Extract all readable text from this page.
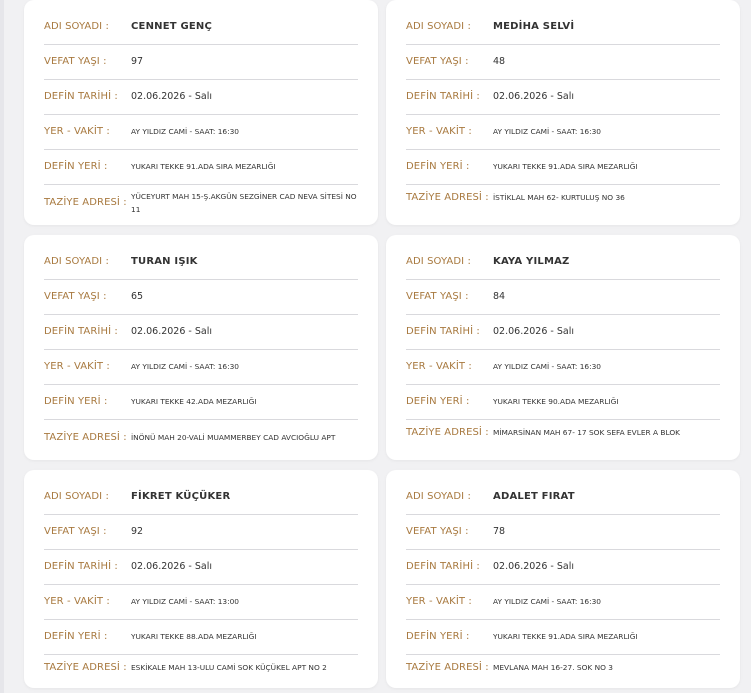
ADI SOYADI :	CENNET GENÇ
VEFAT YAŞI :	97
DEFİN TARİHİ :	02.06.2026 - Salı
YER - VAKİT :	AY YILDIZ CAMİ - SAAT: 16:30
DEFİN YERİ :	YUKARI TEKKE 91.ADA SIRA MEZARLIĞI
TAZİYE ADRESİ :
YÜCEYURT MAH 15-Ş.AKGÜN SEZGİNER CAD NEVA SİTESİ NO 11
ADI SOYADI :	MEDİHA SELVİ
VEFAT YAŞI :	48
DEFİN TARİHİ :	02.06.2026 - Salı
YER - VAKİT :	AY YILDIZ CAMİ - SAAT: 16:30
DEFİN YERİ :	YUKARI TEKKE 91.ADA SIRA MEZARLIĞI
TAZİYE ADRESİ : İSTİKLAL MAH 62- KURTULUŞ NO 36
ADI SOYADI :	TURAN IŞIK
VEFAT YAŞI :	65
DEFİN TARİHİ :	02.06.2026 - Salı
YER - VAKİT :	AY YILDIZ CAMİ - SAAT: 16:30
DEFİN YERİ :	YUKARI TEKKE 42.ADA MEZARLIĞI
TAZİYE ADRESİ : İNÖNÜ MAH 20-VALİ MUAMMERBEY CAD AVCIOĞLU APT
ADI SOYADI :	KAYA YILMAZ
VEFAT YAŞI :	84
DEFİN TARİHİ :	02.06.2026 - Salı
YER - VAKİT :	AY YILDIZ CAMİ - SAAT: 16:30
DEFİN YERİ :	YUKARI TEKKE 90.ADA MEZARLIĞI
TAZİYE ADRESİ : MİMARSİNAN MAH 67- 17 SOK SEFA EVLER A BLOK
ADI SOYADI :	FİKRET KÜÇÜKER
VEFAT YAŞI :	92
DEFİN TARİHİ :	02.06.2026 - Salı
YER - VAKİT :	AY YILDIZ CAMİ - SAAT: 13:00
DEFİN YERİ :	YUKARI TEKKE 88.ADA MEZARLIĞI
TAZİYE ADRESİ : ESKİKALE MAH 13-ULU CAMİ SOK KÜÇÜKEL APT NO 2
ADI SOYADI :	ADALET FIRAT
VEFAT YAŞI :	78
DEFİN TARİHİ :	02.06.2026 - Salı
YER - VAKİT :	AY YILDIZ CAMİ - SAAT: 16:30
DEFİN YERİ :	YUKARI TEKKE 91.ADA SIRA MEZARLIĞI
TAZİYE ADRESİ : MEVLANA MAH 16-27. SOK NO 3
